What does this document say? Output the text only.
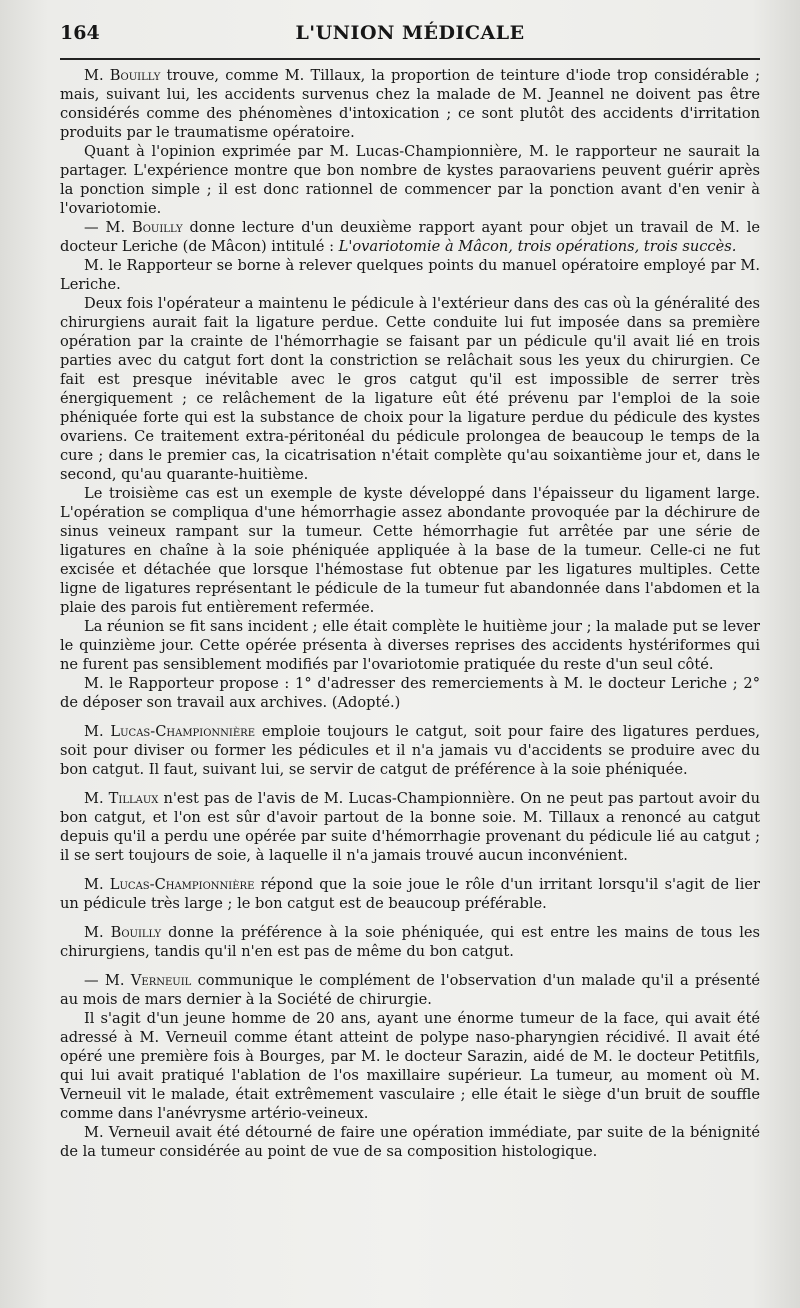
164	L'UNION MÉDICALE

M. Bouilly trouve, comme M. Tillaux, la proportion de teinture d'iode trop considérable ; mais, suivant lui, les accidents survenus chez la malade de M. Jeannel ne doivent pas être considérés comme des phénomènes d'intoxication ; ce sont plutôt des accidents d'irritation produits par le traumatisme opératoire.

Quant à l'opinion exprimée par M. Lucas-Championnière, M. le rapporteur ne saurait la partager. L'expérience montre que bon nombre de kystes paraovariens peuvent guérir après la ponction simple ; il est donc rationnel de commencer par la ponction avant d'en venir à l'ovariotomie.

— M. Bouilly donne lecture d'un deuxième rapport ayant pour objet un travail de M. le docteur Leriche (de Mâcon) intitulé : L'ovariotomie à Mâcon, trois opérations, trois succès.

M. le Rapporteur se borne à relever quelques points du manuel opératoire employé par M. Leriche.

Deux fois l'opérateur a maintenu le pédicule à l'extérieur dans des cas où la généralité des chirurgiens aurait fait la ligature perdue. Cette conduite lui fut imposée dans sa première opération par la crainte de l'hémorrhagie se faisant par un pédicule qu'il avait lié en trois parties avec du catgut fort dont la constriction se relâchait sous les yeux du chirurgien. Ce fait est presque inévitable avec le gros catgut qu'il est impossible de serrer très énergiquement ; ce relâchement de la ligature eût été prévenu par l'emploi de la soie phéniquée forte qui est la substance de choix pour la ligature perdue du pédicule des kystes ovariens. Ce traitement extra-péritonéal du pédicule prolongea de beaucoup le temps de la cure ; dans le premier cas, la cicatrisation n'était complète qu'au soixantième jour et, dans le second, qu'au quarante-huitième.

Le troisième cas est un exemple de kyste développé dans l'épaisseur du ligament large. L'opération se compliqua d'une hémorrhagie assez abondante provoquée par la déchirure de sinus veineux rampant sur la tumeur. Cette hémorrhagie fut arrêtée par une série de ligatures en chaîne à la soie phéniquée appliquée à la base de la tumeur. Celle-ci ne fut excisée et détachée que lorsque l'hémostase fut obtenue par les ligatures multiples. Cette ligne de ligatures représentant le pédicule de la tumeur fut abandonnée dans l'abdomen et la plaie des parois fut entièrement refermée.

La réunion se fit sans incident ; elle était complète le huitième jour ; la malade put se lever le quinzième jour. Cette opérée présenta à diverses reprises des accidents hystériformes qui ne furent pas sensiblement modifiés par l'ovariotomie pratiquée du reste d'un seul côté.

M. le Rapporteur propose : 1° d'adresser des remerciements à M. le docteur Leriche ; 2° de déposer son travail aux archives. (Adopté.)

M. Lucas-Championnière emploie toujours le catgut, soit pour faire des ligatures perdues, soit pour diviser ou former les pédicules et il n'a jamais vu d'accidents se produire avec du bon catgut. Il faut, suivant lui, se servir de catgut de préférence à la soie phéniquée.

M. Tillaux n'est pas de l'avis de M. Lucas-Championnière. On ne peut pas partout avoir du bon catgut, et l'on est sûr d'avoir partout de la bonne soie. M. Tillaux a renoncé au catgut depuis qu'il a perdu une opérée par suite d'hémorrhagie provenant du pédicule lié au catgut ; il se sert toujours de soie, à laquelle il n'a jamais trouvé aucun inconvénient.

M. Lucas-Championnière répond que la soie joue le rôle d'un irritant lorsqu'il s'agit de lier un pédicule très large ; le bon catgut est de beaucoup préférable.

M. Bouilly donne la préférence à la soie phéniquée, qui est entre les mains de tous les chirurgiens, tandis qu'il n'en est pas de même du bon catgut.

— M. Verneuil communique le complément de l'observation d'un malade qu'il a présenté au mois de mars dernier à la Société de chirurgie.

Il s'agit d'un jeune homme de 20 ans, ayant une énorme tumeur de la face, qui avait été adressé à M. Verneuil comme étant atteint de polype naso-pharyngien récidivé. Il avait été opéré une première fois à Bourges, par M. le docteur Sarazin, aidé de M. le docteur Petitfils, qui lui avait pratiqué l'ablation de l'os maxillaire supérieur. La tumeur, au moment où M. Verneuil vit le malade, était extrêmement vasculaire ; elle était le siège d'un bruit de souffle comme dans l'anévrysme artério-veineux.

M. Verneuil avait été détourné de faire une opération immédiate, par suite de la bénignité de la tumeur considérée au point de vue de sa composition histologique.
